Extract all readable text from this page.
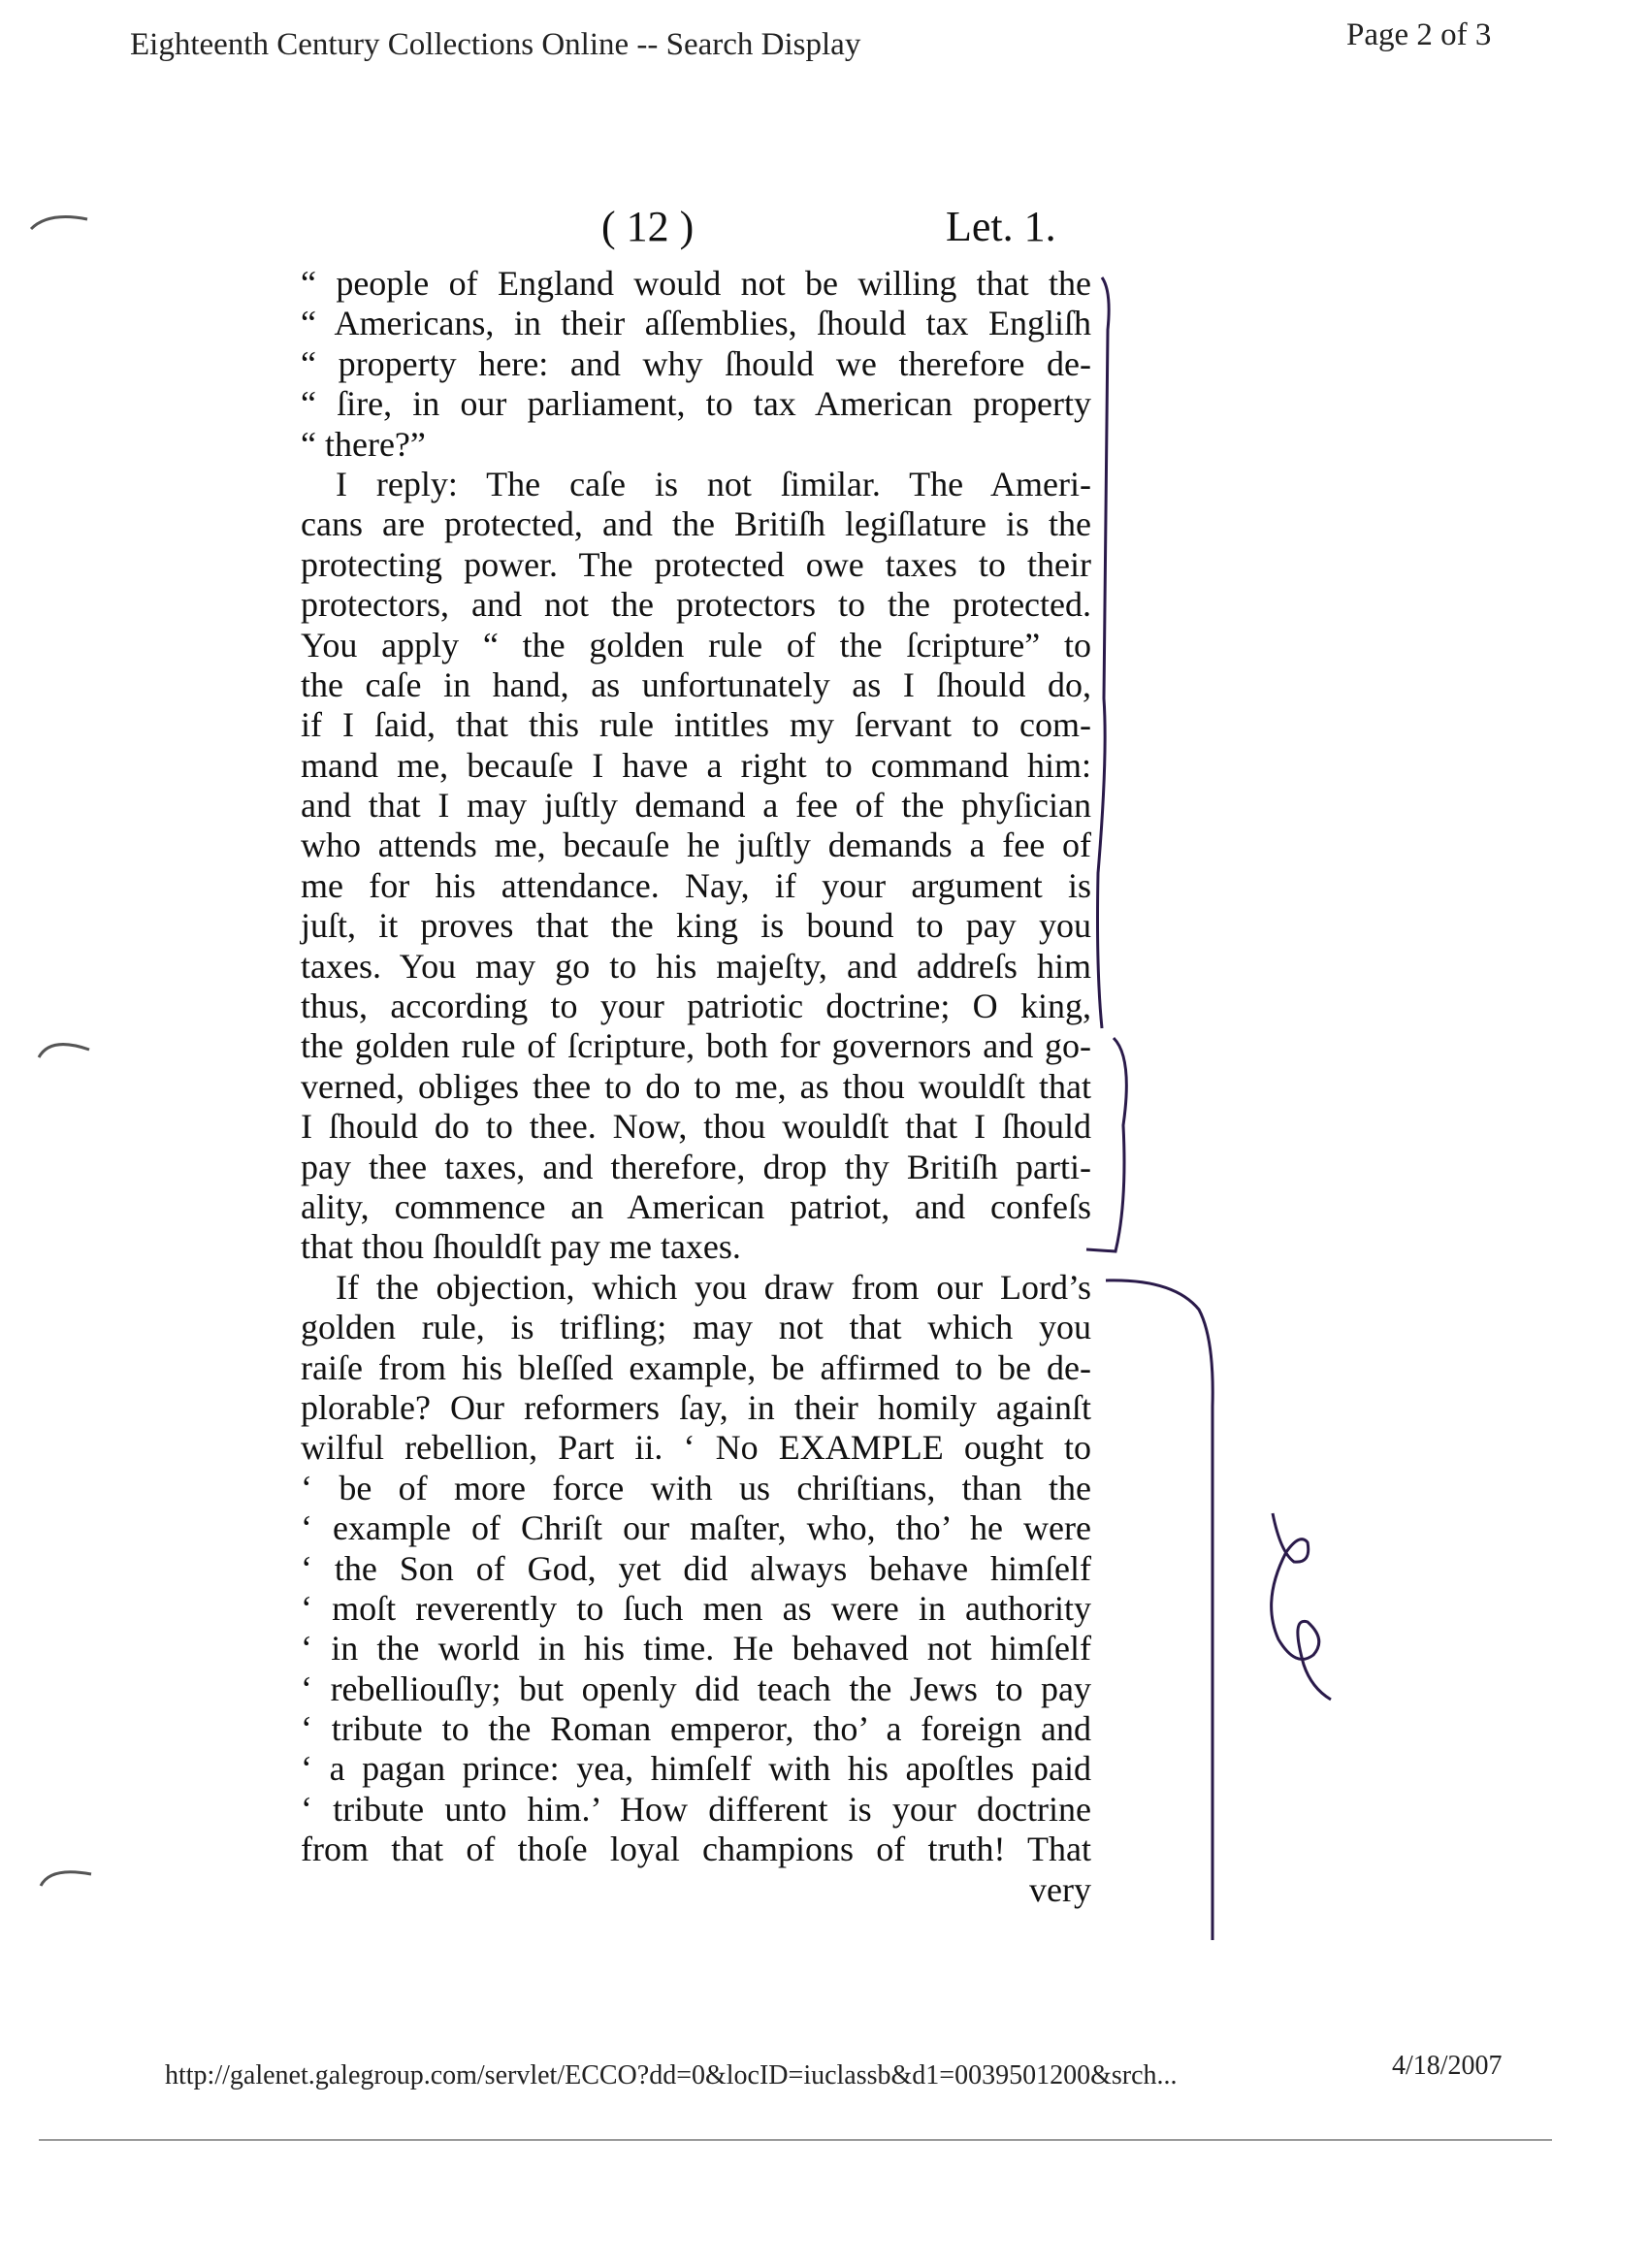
Eighteenth Century Collections Online -- Search Display	Page 2 of 3
( 12 )	Let. 1.
“ people of England would not be willing that the
“ Americans, in their aſſemblies, ſhould tax Engliſh
“ property here: and why ſhould we therefore de-
“ ſire, in our parliament, to tax American property
“ there?”
I reply: The caſe is not ſimilar. The Ameri-
cans are protected, and the Britiſh legiſlature is the
protecting power. The protected owe taxes to their
protectors, and not the protectors to the protected.
You apply “ the golden rule of the ſcripture” to
the caſe in hand, as unfortunately as I ſhould do,
if I ſaid, that this rule intitles my ſervant to com-
mand me, becauſe I have a right to command him:
and that I may juſtly demand a fee of the phyſician
who attends me, becauſe he juſtly demands a fee of
me for his attendance. Nay, if your argument is
juſt, it proves that the king is bound to pay you
taxes. You may go to his majeſty, and addreſs him
thus, according to your patriotic doctrine; O king,
the golden rule of ſcripture, both for governors and go-
verned, obliges thee to do to me, as thou wouldſt that
I ſhould do to thee. Now, thou wouldſt that I ſhould
pay thee taxes, and therefore, drop thy Britiſh parti-
ality, commence an American patriot, and confeſs
that thou ſhouldſt pay me taxes.
If the objection, which you draw from our Lord’s
golden rule, is trifling; may not that which you
raiſe from his bleſſed example, be affirmed to be de-
plorable? Our reformers ſay, in their homily againſt
wilful rebellion, Part ii. ‘ No EXAMPLE ought to
‘ be of more force with us chriſtians, than the
‘ example of Chriſt our maſter, who, tho’ he were
‘ the Son of God, yet did always behave himſelf
‘ moſt reverently to ſuch men as were in authority
‘ in the world in his time. He behaved not himſelf
‘ rebelliouſly; but openly did teach the Jews to pay
‘ tribute to the Roman emperor, tho’ a foreign and
‘ a pagan prince: yea, himſelf with his apoſtles paid
‘ tribute unto him.’ How different is your doctrine
from that of thoſe loyal champions of truth! That
very
http://galenet.galegroup.com/servlet/ECCO?dd=0&locID=iuclassb&d1=0039501200&srch...	4/18/2007
